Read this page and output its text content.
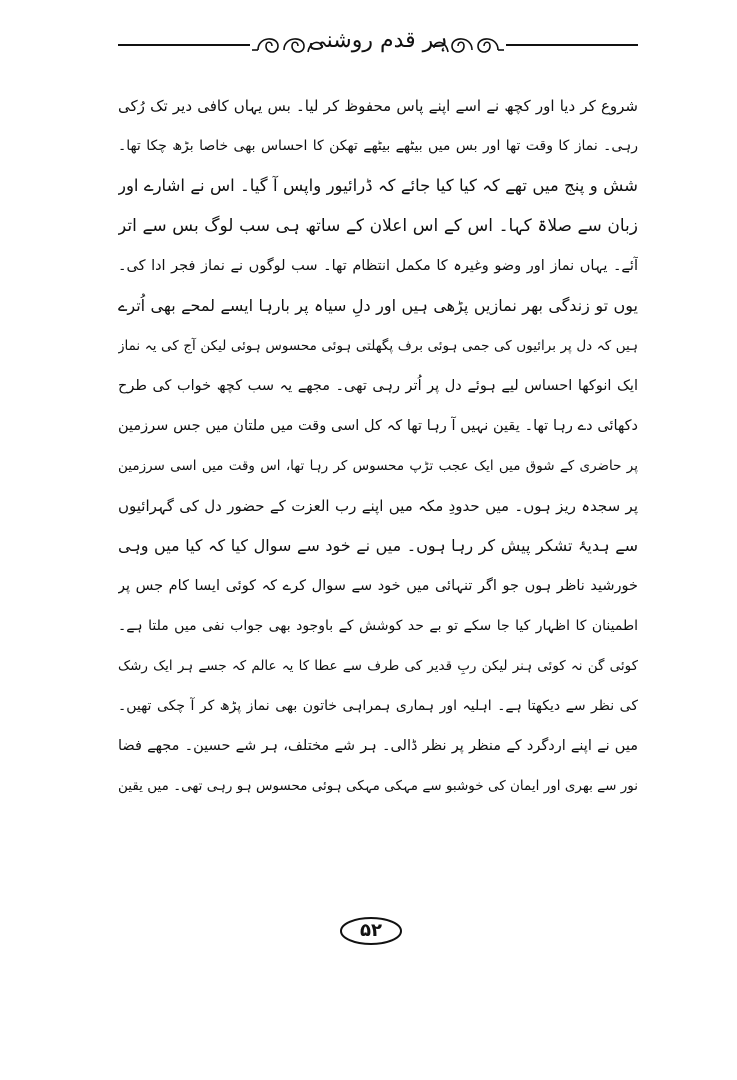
ہر قدم روشنی
شروع کر دیا اور کچھ نے اسے اپنے پاس محفوظ کر لیا۔ بس یہاں کافی دیر تک رُکی
رہی۔ نماز کا وقت تھا اور بس میں بیٹھے بیٹھے تھکن کا احساس بھی خاصا بڑھ چکا تھا۔
شش و پنج میں تھے کہ کیا کیا جائے کہ ڈرائیور واپس آ گیا۔ اس نے اشارے اور
زبان سے صلاۃ کہا۔ اس کے اس اعلان کے ساتھ ہی سب لوگ بس سے اتر
آئے۔ یہاں نماز اور وضو وغیرہ کا مکمل انتظام تھا۔ سب لوگوں نے نماز فجر ادا کی۔
یوں تو زندگی بھر نمازیں پڑھی ہیں اور دلِ سیاہ پر بارہا ایسے لمحے بھی اُترے
ہیں کہ دل پر برائیوں کی جمی ہوئی برف پگھلتی ہوئی محسوس ہوئی لیکن آج کی یہ نماز
ایک انوکھا احساس لیے ہوئے دل پر اُتر رہی تھی۔ مجھے یہ سب کچھ خواب کی طرح
دکھائی دے رہا تھا۔ یقین نہیں آ رہا تھا کہ کل اسی وقت میں ملتان میں جس سرزمین
پر حاضری کے شوق میں ایک عجب تڑپ محسوس کر رہا تھا، اس وقت میں اسی سرزمین
پر سجدہ ریز ہوں۔ میں حدودِ مکہ میں اپنے رب العزت کے حضور دل کی گہرائیوں
سے ہدیۂ تشکر پیش کر رہا ہوں۔ میں نے خود سے سوال کیا کہ کیا میں وہی
خورشید ناظر ہوں جو اگر تنہائی میں خود سے سوال کرے کہ کوئی ایسا کام جس پر
اطمینان کا اظہار کیا جا سکے تو بے حد کوشش کے باوجود بھی جواب نفی میں ملتا ہے۔
کوئی گن نہ کوئی ہنر لیکن ربِ قدیر کی طرف سے عطا کا یہ عالم کہ جسے ہر ایک رشک
کی نظر سے دیکھتا ہے۔ اہلیہ اور ہماری ہمراہی خاتون بھی نماز پڑھ کر آ چکی تھیں۔
میں نے اپنے اردگرد کے منظر پر نظر ڈالی۔ ہر شے مختلف، ہر شے حسین۔ مجھے فضا
نور سے بھری اور ایمان کی خوشبو سے مہکی مہکی ہوئی محسوس ہو رہی تھی۔ میں یقین
۵۲
